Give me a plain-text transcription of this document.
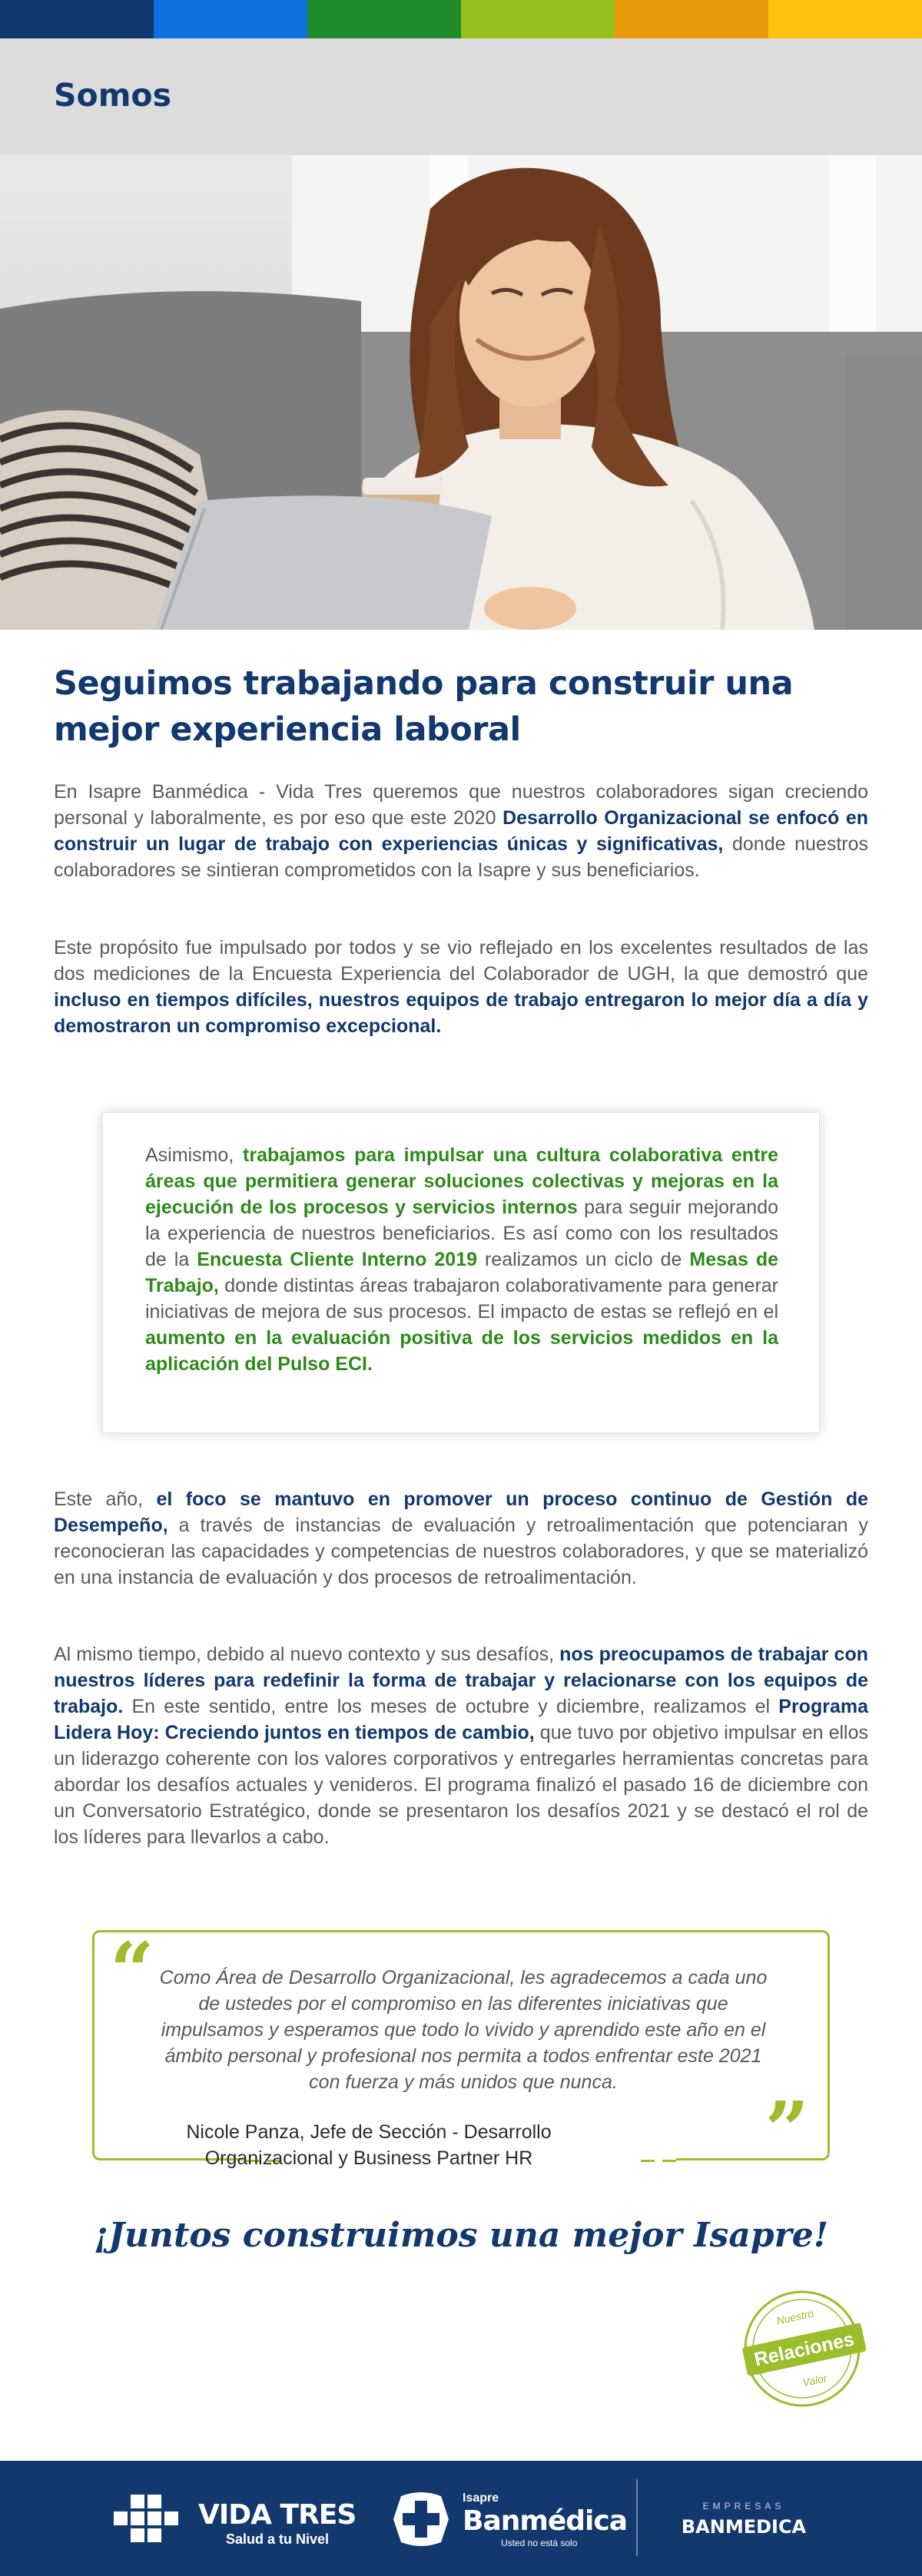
Somos
Seguimos trabajando para construir una mejor experiencia laboral

En Isapre Banmédica - Vida Tres queremos que nuestros colaboradores sigan creciendo personal y laboralmente, es por eso que este 2020 Desarrollo Organizacional se enfocó en construir un lugar de trabajo con experiencias únicas y significativas, donde nuestros colaboradores se sintieran comprometidos con la Isapre y sus beneficiarios.

Este propósito fue impulsado por todos y se vio reflejado en los excelentes resultados de las dos mediciones de la Encuesta Experiencia del Colaborador de UGH, la que demostró que incluso en tiempos difíciles, nuestros equipos de trabajo entregaron lo mejor día a día y demostraron un compromiso excepcional.

Asimismo, trabajamos para impulsar una cultura colaborativa entre áreas que permitiera generar soluciones colectivas y mejoras en la ejecución de los procesos y servicios internos para seguir mejorando la experiencia de nuestros beneficiarios. Es así como con los resultados de la Encuesta Cliente Interno 2019 realizamos un ciclo de Mesas de Trabajo, donde distintas áreas trabajaron colaborativamente para generar iniciativas de mejora de sus procesos. El impacto de estas se reflejó en el aumento en la evaluación positiva de los servicios medidos en la aplicación del Pulso ECI.

Este año, el foco se mantuvo en promover un proceso continuo de Gestión de Desempeño, a través de instancias de evaluación y retroalimentación que potenciaran y reconocieran las capacidades y competencias de nuestros colaboradores, y que se materializó en una instancia de evaluación y dos procesos de retroalimentación.

Al mismo tiempo, debido al nuevo contexto y sus desafíos, nos preocupamos de trabajar con nuestros líderes para redefinir la forma de trabajar y relacionarse con los equipos de trabajo. En este sentido, entre los meses de octubre y diciembre, realizamos el Programa Lidera Hoy: Creciendo juntos en tiempos de cambio, que tuvo por objetivo impulsar en ellos un liderazgo coherente con los valores corporativos y entregarles herramientas concretas para abordar los desafíos actuales y venideros. El programa finalizó el pasado 16 de diciembre con un Conversatorio Estratégico, donde se presentaron los desafíos 2021 y se destacó el rol de los líderes para llevarlos a cabo.

“ Como Área de Desarrollo Organizacional, les agradecemos a cada uno de ustedes por el compromiso en las diferentes iniciativas que impulsamos y esperamos que todo lo vivido y aprendido este año en el ámbito personal y profesional nos permita a todos enfrentar este 2021 con fuerza y más unidos que nunca.

”
Nicole Panza, Jefe de Sección - Desarrollo
Organizacional y Business Partner HR
¡Juntos construimos una mejor Isapre!
Relaciones
Nuestro
Valor
VIDA TRES
Salud a tu Nivel
Isapre
Banmédica
Usted no está solo
EMPRESAS
BANMEDICA
